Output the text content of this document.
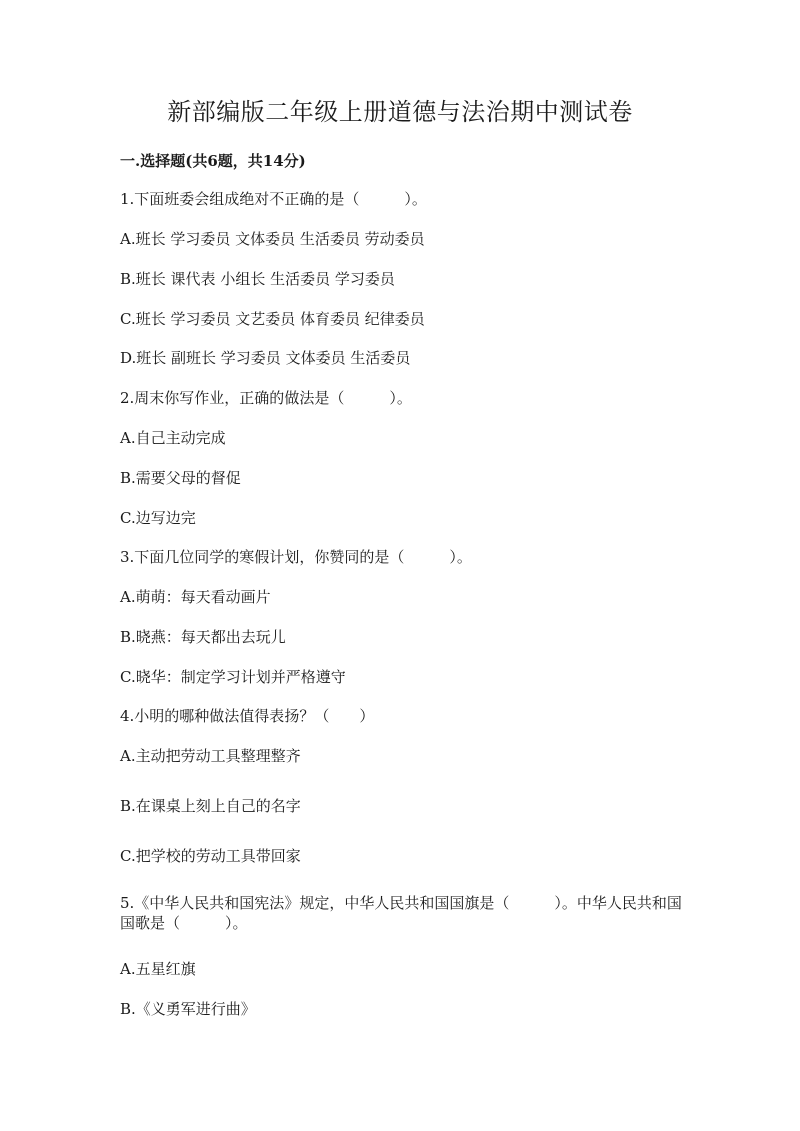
新部编版二年级上册道德与法治期中测试卷
一.选择题(共6题，共14分)
1.下面班委会组成绝对不正确的是（　　　）。
A.班长 学习委员 文体委员 生活委员 劳动委员
B.班长 课代表 小组长 生活委员 学习委员
C.班长 学习委员 文艺委员 体育委员 纪律委员
D.班长 副班长 学习委员 文体委员 生活委员
2.周末你写作业，正确的做法是（　　　）。
A.自己主动完成
B.需要父母的督促
C.边写边完
3.下面几位同学的寒假计划，你赞同的是（　　　）。
A.萌萌：每天看动画片
B.晓燕：每天都出去玩儿
C.晓华：制定学习计划并严格遵守
4.小明的哪种做法值得表扬？（　　）
A.主动把劳动工具整理整齐
B.在课桌上刻上自己的名字
C.把学校的劳动工具带回家
5.《中华人民共和国宪法》规定，中华人民共和国国旗是（　　　）。中华人民共和国国歌是（　　　）。
A.五星红旗
B.《义勇军进行曲》
